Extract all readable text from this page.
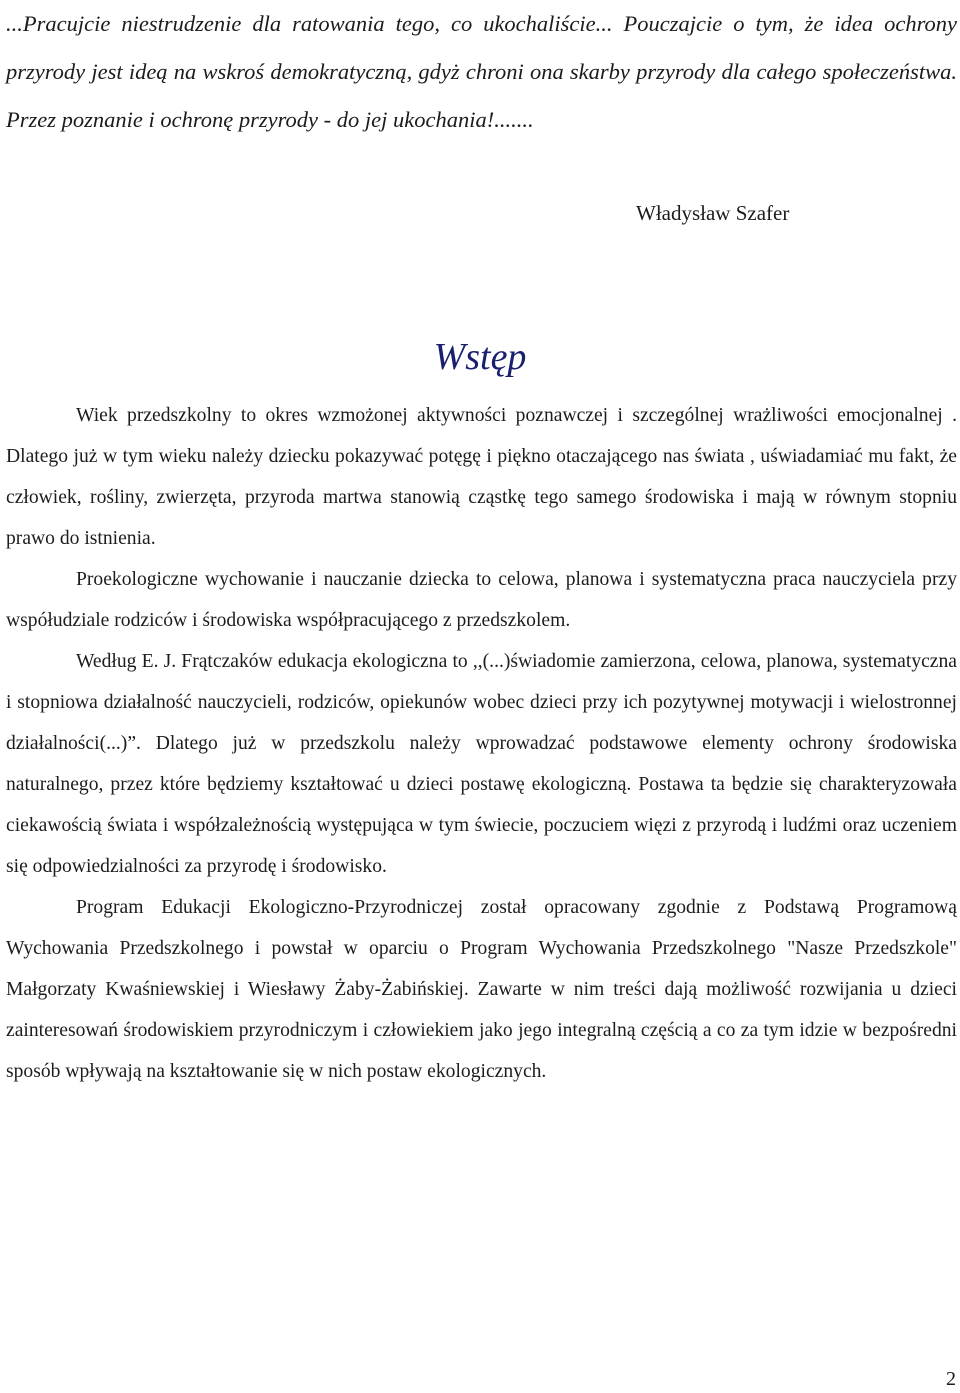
...Pracujcie niestrudzenie dla ratowania tego, co ukochaliście... Pouczajcie o tym, że idea ochrony przyrody jest ideą na wskroś demokratyczną, gdyż chroni ona skarby przyrody dla całego społeczeństwa. Przez poznanie i ochronę przyrody - do jej ukochania!.......

Władysław Szafer

Wstęp

Wiek przedszkolny to okres wzmożonej aktywności poznawczej i szczególnej wrażliwości emocjonalnej . Dlatego już w tym wieku należy dziecku pokazywać potęgę i piękno otaczającego nas świata , uświadamiać mu fakt, że człowiek, rośliny, zwierzęta, przyroda martwa stanowią cząstkę tego samego środowiska i mają w równym stopniu prawo do istnienia.

Proekologiczne wychowanie i nauczanie dziecka to celowa, planowa i systematyczna praca nauczyciela przy współudziale rodziców i środowiska współpracującego z przedszkolem.

Według E. J. Frątczaków edukacja ekologiczna to ,,(...)świadomie zamierzona, celowa, planowa, systematyczna i stopniowa działalność nauczycieli, rodziców, opiekunów wobec dzieci przy ich pozytywnej motywacji i wielostronnej działalności(...)”. Dlatego już w przedszkolu należy wprowadzać podstawowe elementy ochrony środowiska naturalnego, przez które będziemy kształtować u dzieci postawę ekologiczną. Postawa ta będzie się charakteryzowała ciekawością świata i współzależnością występująca w tym świecie, poczuciem więzi z przyrodą i ludźmi oraz uczeniem się odpowiedzialności za przyrodę i środowisko.

Program Edukacji Ekologiczno-Przyrodniczej został opracowany zgodnie z Podstawą Programową Wychowania Przedszkolnego i powstał w oparciu o Program Wychowania Przedszkolnego "Nasze Przedszkole" Małgorzaty Kwaśniewskiej i Wiesławy Żaby-Żabińskiej. Zawarte w nim treści dają możliwość rozwijania u dzieci zainteresowań środowiskiem przyrodniczym i człowiekiem jako jego integralną częścią a co za tym idzie w bezpośredni sposób wpływają na kształtowanie się w nich postaw ekologicznych.

2
